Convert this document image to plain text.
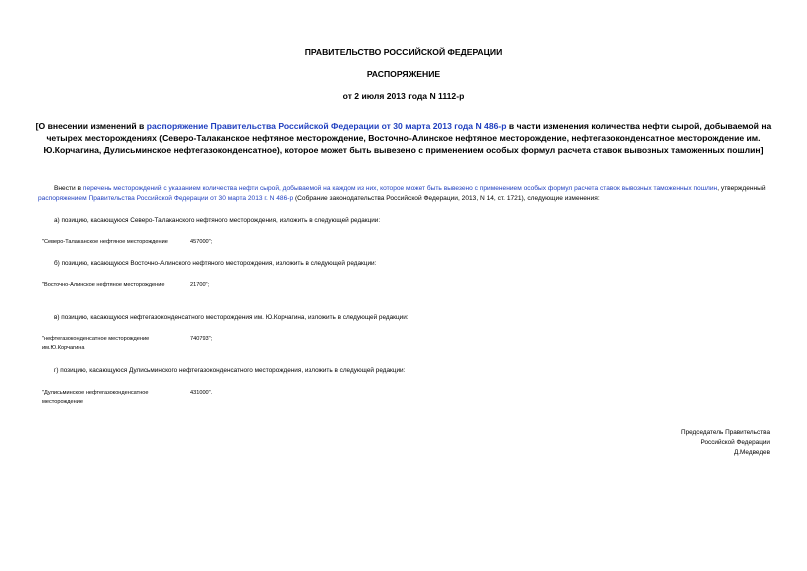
ПРАВИТЕЛЬСТВО РОССИЙСКОЙ ФЕДЕРАЦИИ
РАСПОРЯЖЕНИЕ
от 2 июля 2013 года N 1112-р
[О внесении изменений в распоряжение Правительства Российской Федерации от 30 марта 2013 года N 486-р в части изменения количества нефти сырой, добываемой на четырех месторождениях (Северо-Талаканское нефтяное месторождение, Восточно-Алинское нефтяное месторождение, нефтегазоконденсатное месторождение им. Ю.Корчагина, Дулисьминское нефтегазоконденсатное), которое может быть вывезено с применением особых формул расчета ставок вывозных таможенных пошлин]
Внести в перечень месторождений с указанием количества нефти сырой, добываемой на каждом из них, которое может быть вывезено с применением особых формул расчета ставок вывозных таможенных пошлин, утвержденный распоряжением Правительства Российской Федерации от 30 марта 2013 г. N 486-р (Собрание законодательства Российской Федерации, 2013, N 14, ст. 1721), следующие изменения:
а) позицию, касающуюся Северо-Талаканского нефтяного месторождения, изложить в следующей редакции:
"Северо-Талаканское нефтяное месторождение	457000";
б) позицию, касающуюся Восточно-Алинского нефтяного месторождения, изложить в следующей редакции:
"Восточно-Алинское нефтяное месторождение	21700";
в) позицию, касающуюся нефтегазоконденсатного месторождения им. Ю.Корчагина, изложить в следующей редакции:
"нефтегазоконденсатное месторождение им.Ю.Корчагина
740793";
г) позицию, касающуюся Дулисьминского нефтегазоконденсатного месторождения, изложить в следующей редакции:
"Дулисьминское нефтегазоконденсатное месторождение
431000".
Председатель Правительства
Российской Федерации
Д.Медведев
